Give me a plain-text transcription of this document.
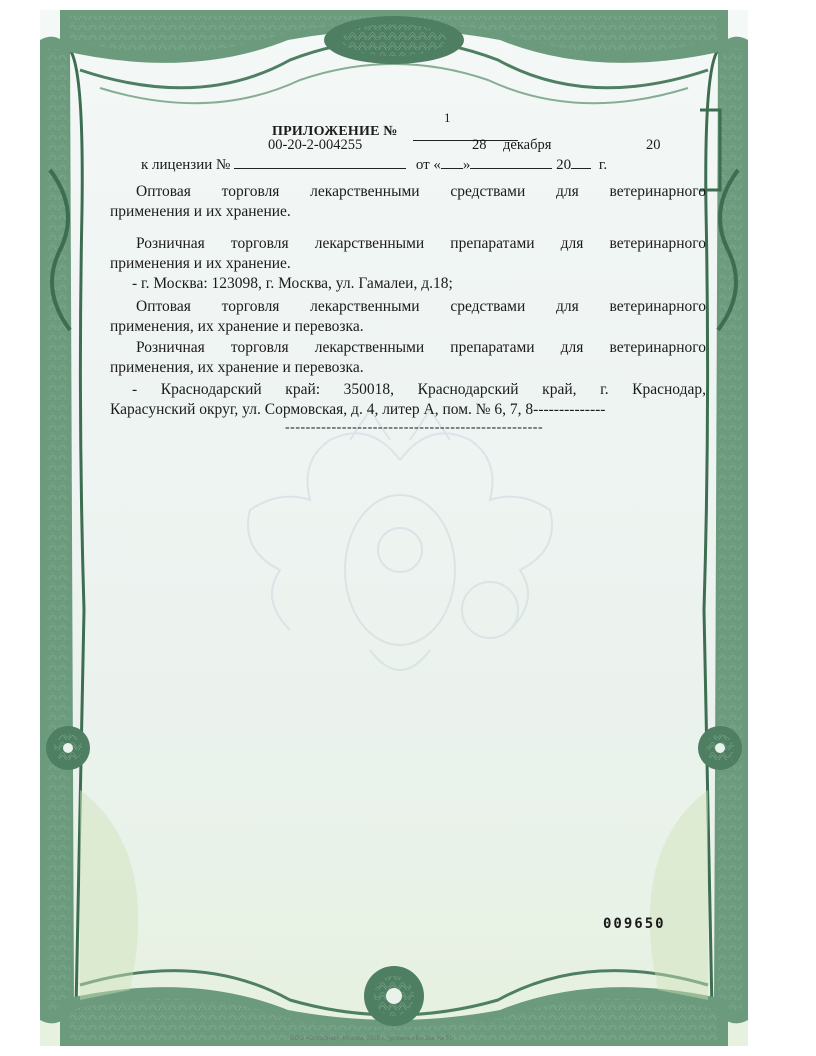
1
ПРИЛОЖЕНИЕ №
00-20-2-004255	28 декабря	20
к лицензии №	от « »	20 г.
Оптовая торговля лекарственными средствами для ветеринарного
применения и их хранение.
Розничная торговля лекарственными препаратами для ветеринарного
применения и их хранение.
- г. Москва: 123098, г. Москва, ул. Гамалеи, д.18;
Оптовая торговля лекарственными средствами для ветеринарного
применения, их хранение и перевозка.
Розничная торговля лекарственными препаратами для ветеринарного
применения, их хранение и перевозка.
- Краснодарский край: 350018, Краснодарский край, г. Краснодар,
Карасунский округ, ул. Сормовская, д. 4, литер А, пом. № 6, 7, 8--------------
--------------------------------------------------
009650
ООО «СпецЗнак», Москва, 2019 г., уровень «Б» Зак. № 51
